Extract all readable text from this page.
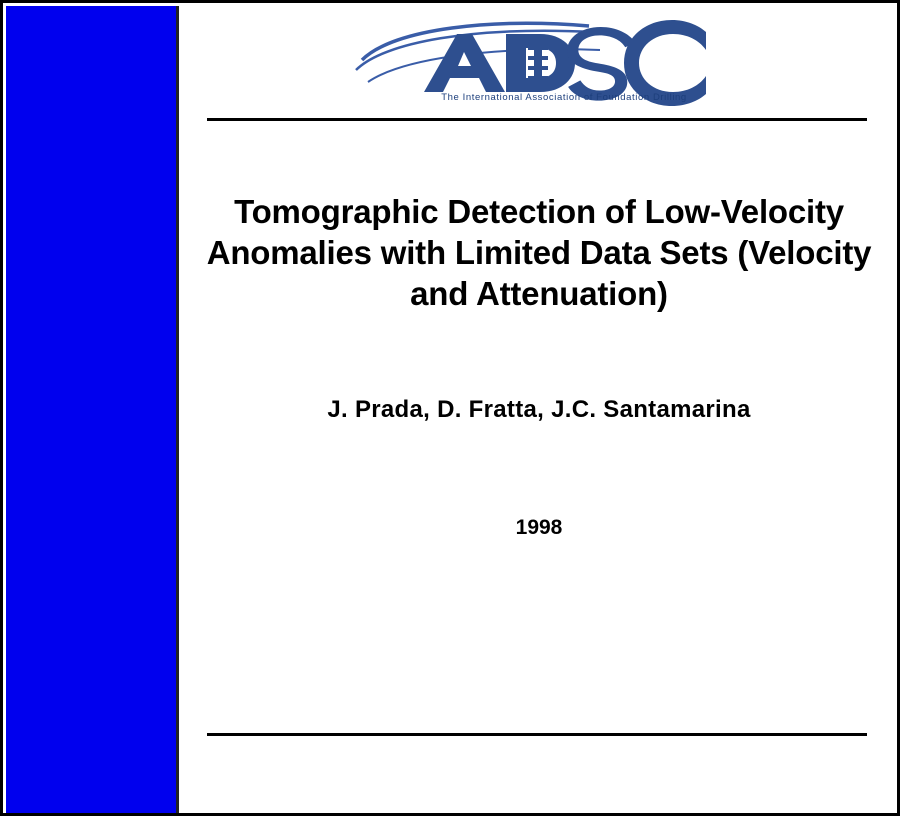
The International Association of Foundation Drilling
Tomographic Detection of Low-Velocity Anomalies with Limited Data Sets (Velocity and Attenuation)
J. Prada, D. Fratta, J.C. Santamarina
1998
